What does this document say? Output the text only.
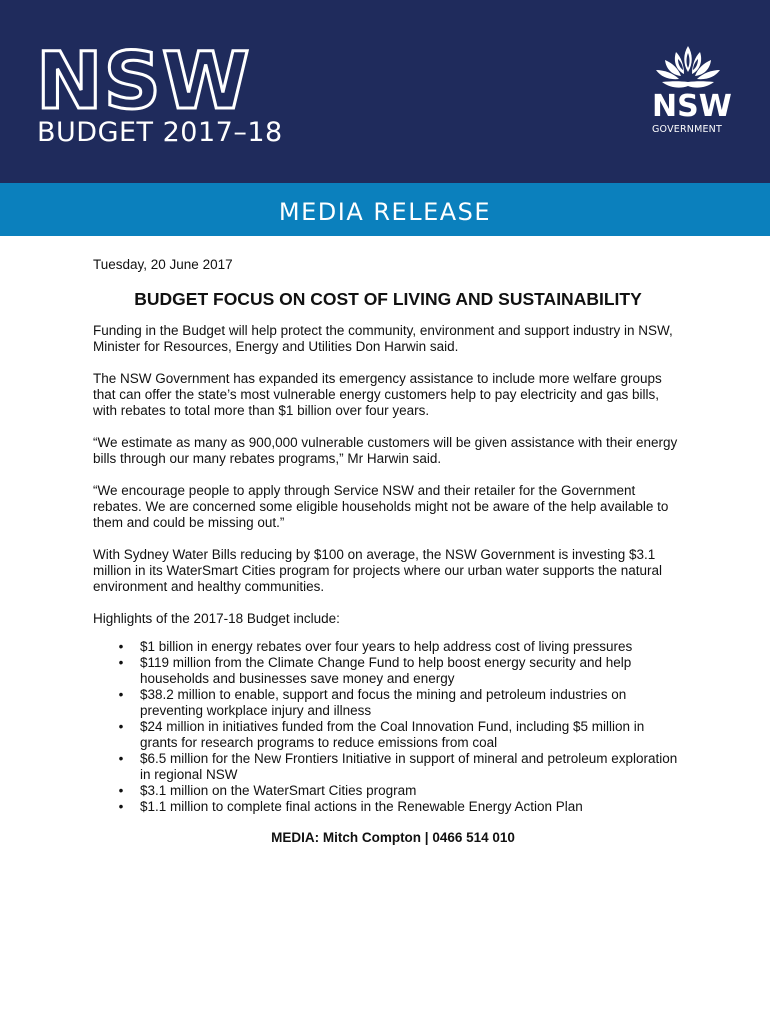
NSW

BUDGET 2017–18

NSW

GOVERNMENT

MEDIA RELEASE

Tuesday, 20 June 2017

BUDGET FOCUS ON COST OF LIVING AND SUSTAINABILITY

Funding in the Budget will help protect the community, environment and support industry in NSW, Minister for Resources, Energy and Utilities Don Harwin said.

The NSW Government has expanded its emergency assistance to include more welfare groups that can offer the state’s most vulnerable energy customers help to pay electricity and gas bills, with rebates to total more than $1 billion over four years.

“We estimate as many as 900,000 vulnerable customers will be given assistance with their energy bills through our many rebates programs,” Mr Harwin said.

“We encourage people to apply through Service NSW and their retailer for the Government rebates. We are concerned some eligible households might not be aware of the help available to them and could be missing out.”

With Sydney Water Bills reducing by $100 on average, the NSW Government is investing $3.1 million in its WaterSmart Cities program for projects where our urban water supports the natural environment and healthy communities.

Highlights of the 2017-18 Budget include:

• $1 billion in energy rebates over four years to help address cost of living pressures
• $119 million from the Climate Change Fund to help boost energy security and help households and businesses save money and energy
• $38.2 million to enable, support and focus the mining and petroleum industries on preventing workplace injury and illness
• $24 million in initiatives funded from the Coal Innovation Fund, including $5 million in grants for research programs to reduce emissions from coal
• $6.5 million for the New Frontiers Initiative in support of mineral and petroleum exploration in regional NSW
• $3.1 million on the WaterSmart Cities program
• $1.1 million to complete final actions in the Renewable Energy Action Plan

MEDIA: Mitch Compton | 0466 514 010
